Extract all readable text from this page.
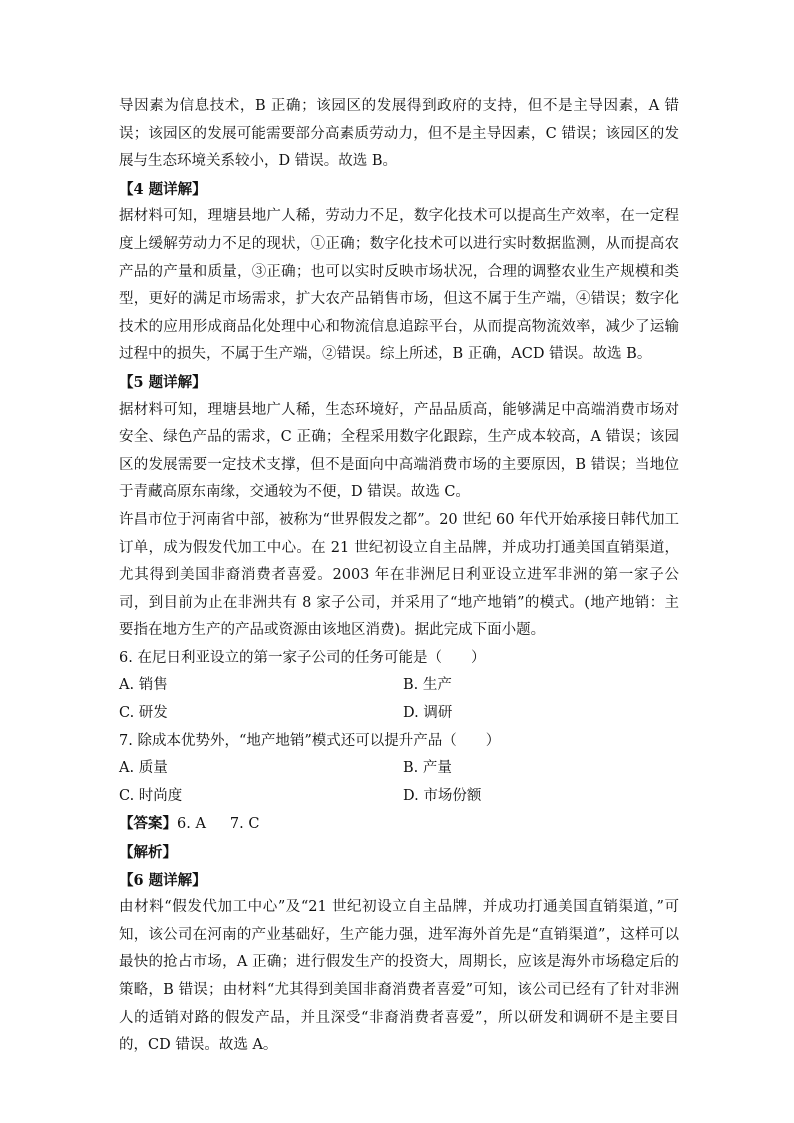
导因素为信息技术，B 正确；该园区的发展得到政府的支持，但不是主导因素，A 错误；该园区的发展可能需要部分高素质劳动力，但不是主导因素，C 错误；该园区的发展与生态环境关系较小，D 错误。故选 B。

【4 题详解】

据材料可知，理塘县地广人稀，劳动力不足，数字化技术可以提高生产效率，在一定程度上缓解劳动力不足的现状，①正确；数字化技术可以进行实时数据监测，从而提高农产品的产量和质量，③正确；也可以实时反映市场状况，合理的调整农业生产规模和类型，更好的满足市场需求，扩大农产品销售市场，但这不属于生产端，④错误；数字化技术的应用形成商品化处理中心和物流信息追踪平台，从而提高物流效率，减少了运输过程中的损失，不属于生产端，②错误。综上所述，B 正确，ACD 错误。故选 B。

【5 题详解】

据材料可知，理塘县地广人稀，生态环境好，产品品质高，能够满足中高端消费市场对安全、绿色产品的需求，C 正确；全程采用数字化跟踪，生产成本较高，A 错误；该园区的发展需要一定技术支撑，但不是面向中高端消费市场的主要原因，B 错误；当地位于青藏高原东南缘，交通较为不便，D 错误。故选 C。

许昌市位于河南省中部，被称为“世界假发之都”。20 世纪 60 年代开始承接日韩代加工订单，成为假发代加工中心。在 21 世纪初设立自主品牌，并成功打通美国直销渠道，尤其得到美国非裔消费者喜爱。2003 年在非洲尼日利亚设立进军非洲的第一家子公司，到目前为止在非洲共有 8 家子公司，并采用了“地产地销”的模式。(地产地销：主要指在地方生产的产品或资源由该地区消费)。据此完成下面小题。

6. 在尼日利亚设立的第一家子公司的任务可能是（　　）

A. 销售	B. 生产
C. 研发	D. 调研

7. 除成本优势外，“地产地销”模式还可以提升产品（　　）

A. 质量	B. 产量
C. 时尚度	D. 市场份额

【答案】6. A 7. C

【解析】

【6 题详解】

由材料“假发代加工中心”及“21 世纪初设立自主品牌，并成功打通美国直销渠道，”可知，该公司在河南的产业基础好，生产能力强，进军海外首先是“直销渠道”，这样可以最快的抢占市场，A 正确；进行假发生产的投资大，周期长，应该是海外市场稳定后的策略，B 错误；由材料“尤其得到美国非裔消费者喜爱”可知，该公司已经有了针对非洲人的适销对路的假发产品，并且深受“非裔消费者喜爱”，所以研发和调研不是主要目的，CD 错误。故选 A。
